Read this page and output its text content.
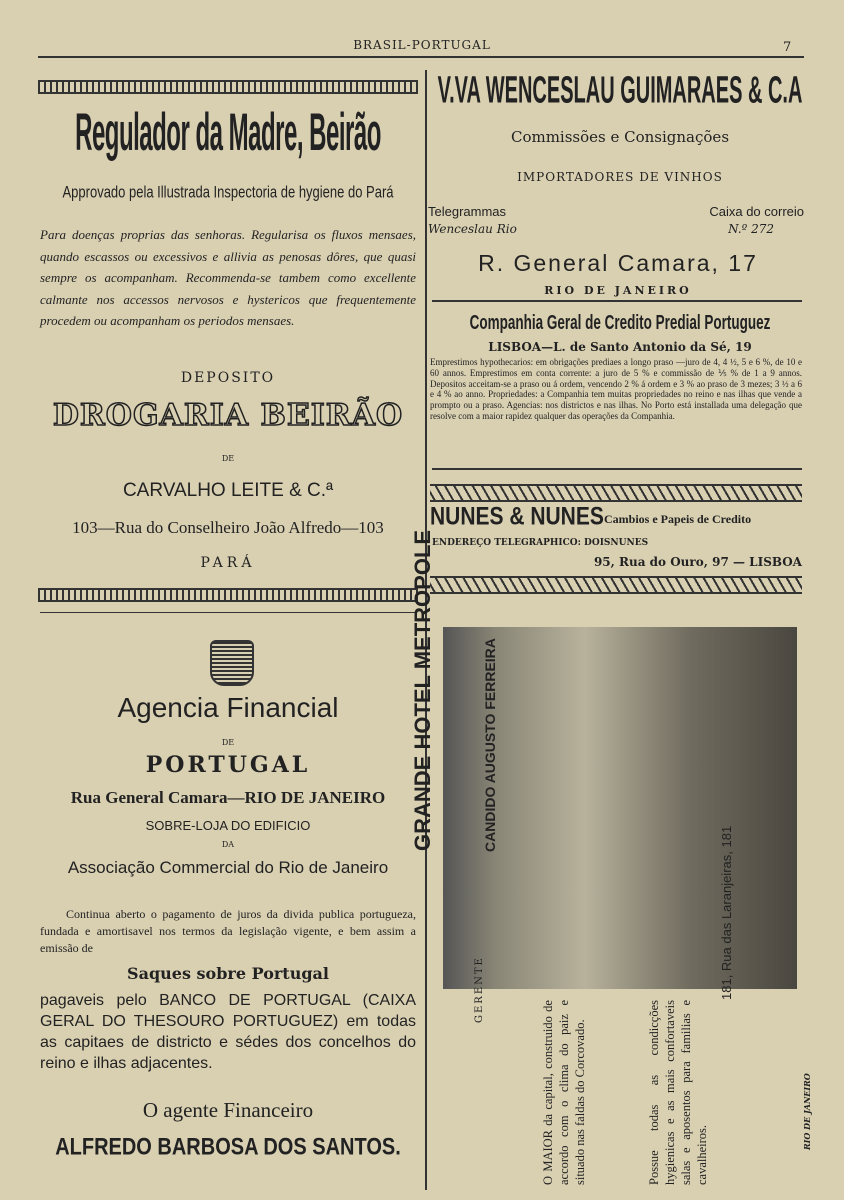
BRASIL-PORTUGAL	7
Regulador da Madre, Beirão
Approvado pela Illustrada Inspectoria de hygiene do Pará

Para doenças proprias das senhoras. Regularisa os fluxos mensaes, quando escassos ou excessivos e allivia as penosas dôres, que quasi sempre os acompanham. Recommenda-se tambem como excellente calmante nos accessos nervosos e hystericos que frequentemente procedem ou acompanham os periodos mensaes.

DEPOSITO
DROGARIA BEIRÃO
DE
CARVALHO LEITE & C.ª
103—Rua do Conselheiro João Alfredo—103
PARÁ
Agencia Financial
DE
PORTUGAL
Rua General Camara—RIO DE JANEIRO
SOBRE-LOJA DO EDIFICIO
DA
Associação Commercial do Rio de Janeiro

Continua aberto o pagamento de juros da divida publica portugueza, fundada e amortisavel nos termos da legislação vigente, e bem assim a emissão de

Saques sobre Portugal

pagaveis pelo BANCO DE PORTUGAL (CAIXA GERAL DO THESOURO PORTUGUEZ) em todas as capitaes de districto e sédes dos concelhos do reino e ilhas adjacentes.

O agente Financeiro
ALFREDO BARBOSA DOS SANTOS.
V.VA WENCESLAU GUIMARAES & C.A
Commissões e Consignações
IMPORTADORES DE VINHOS
Telegrammas
Wenceslau Rio
Caixa do correio
N.º 272
R. General Camara, 17
RIO DE JANEIRO
Companhia Geral de Credito Predial Portuguez
LISBOA—L. de Santo Antonio da Sé, 19

Emprestimos hypothecarios: em obrigações prediaes a longo praso —juro de 4, 4 ½, 5 e 6 %, de 10 e 60 annos. Emprestimos em conta corrente: a juro de 5 % e commissão de ⅕ % de 1 a 9 annos. Depositos acceitam-se a praso ou á ordem, vencendo 2 % á ordem e 3 % ao praso de 3 mezes; 3 ½ a 6 e 4 % ao anno. Propriedades: a Companhia tem muitas propriedades no reino e nas ilhas que vende a prompto ou a praso. Agencias: nos districtos e nas ilhas. No Porto está installada uma delegação que resolve com a maior rapidez qualquer das operações da Companhia.

NUNES & NUNES Cambios e Papeis de Credito
ENDEREÇO TELEGRAPHICO: DOISNUNES
95, Rua do Ouro, 97 — LISBOA
GRANDE HOTEL METROPOLE
GERENTE
CANDIDO AUGUSTO FERREIRA
O MAIOR da capital, construido de accordo com o clima do paiz e situado nas faldas do Corcovado.	Possue todas as condicções hygienicas e as mais confortaveis salas e aposentos para familias e cavalheiros.
181, Rua das Laranjeiras, 181
RIO DE JANEIRO
